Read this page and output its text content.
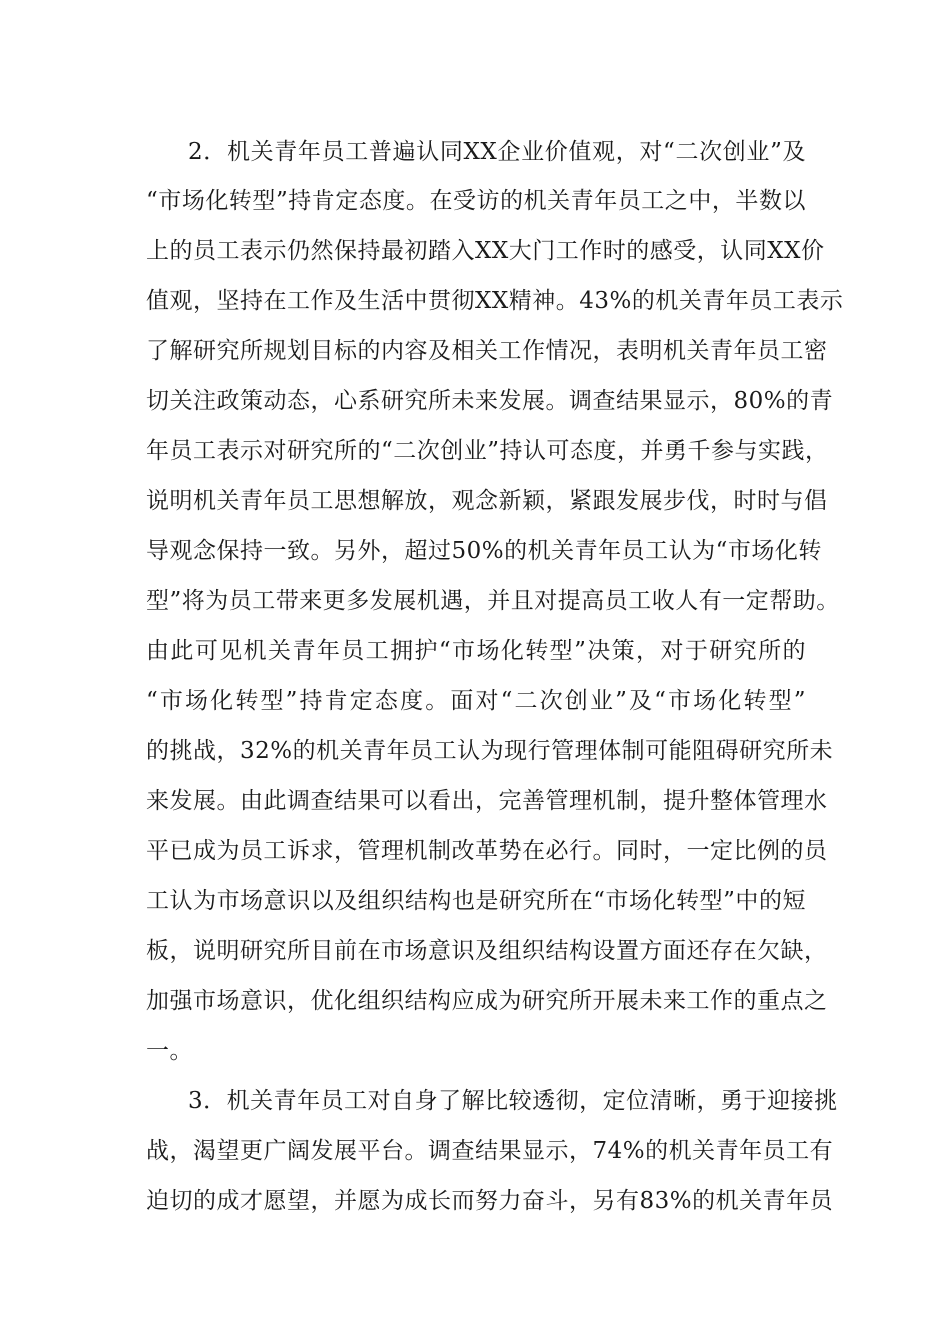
2．机关青年员工普遍认同XX企业价值观，对“二次创业”及
“市场化转型”持肯定态度。在受访的机关青年员工之中，半数以
上的员工表示仍然保持最初踏入XX大门工作时的感受，认同XX价
值观，坚持在工作及生活中贯彻XX精神。43%的机关青年员工表示
了解研究所规划目标的内容及相关工作情况，表明机关青年员工密
切关注政策动态，心系研究所未来发展。调查结果显示，80%的青
年员工表示对研究所的“二次创业”持认可态度，并勇千参与实践，
说明机关青年员工思想解放，观念新颖，紧跟发展步伐，时时与倡
导观念保持一致。另外，超过50%的机关青年员工认为“市场化转
型”将为员工带来更多发展机遇，并且对提高员工收人有一定帮助。
由此可见机关青年员工拥护“市场化转型”决策，对于研究所的
“市场化转型”持肯定态度。面对“二次创业”及“市场化转型”
的挑战，32%的机关青年员工认为现行管理体制可能阻碍研究所未
来发展。由此调查结果可以看出，完善管理机制，提升整体管理水
平已成为员工诉求，管理机制改革势在必行。同时，一定比例的员
工认为市场意识以及组织结构也是研究所在“市场化转型”中的短
板，说明研究所目前在市场意识及组织结构设置方面还存在欠缺，
加强市场意识，优化组织结构应成为研究所开展未来工作的重点之
一。
3．机关青年员工对自身了解比较透彻，定位清晰，勇于迎接挑
战，渴望更广阔发展平台。调查结果显示，74%的机关青年员工有
迫切的成才愿望，并愿为成长而努力奋斗，另有83%的机关青年员
